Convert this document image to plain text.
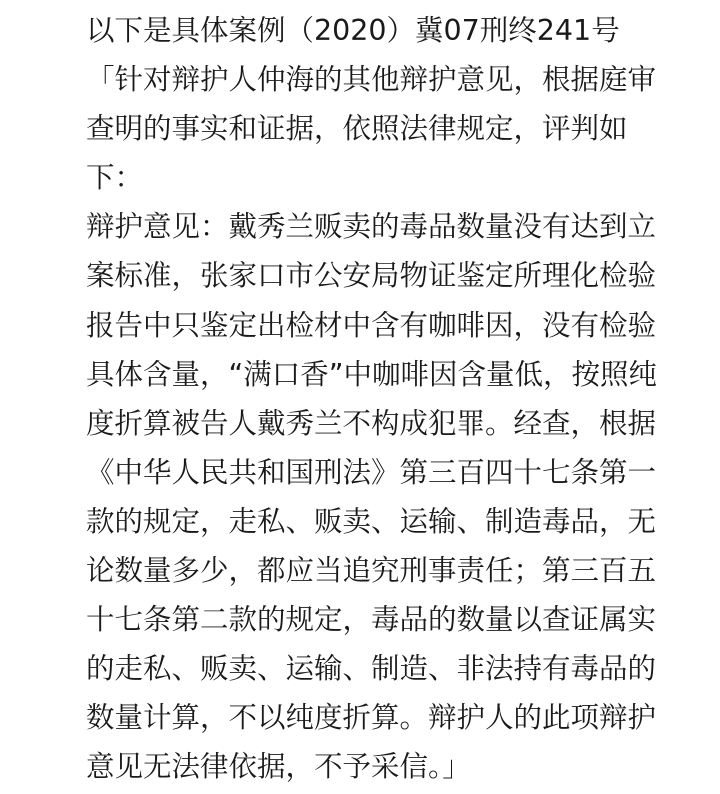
以下是具体案例（2020）冀07刑终241号
「针对辩护人仲海的其他辩护意见，根据庭审
查明的事实和证据，依照法律规定，评判如
下：
辩护意见：戴秀兰贩卖的毒品数量没有达到立
案标准，张家口市公安局物证鉴定所理化检验
报告中只鉴定出检材中含有咖啡因，没有检验
具体含量，“满口香”中咖啡因含量低，按照纯
度折算被告人戴秀兰不构成犯罪。经查，根据
《中华人民共和国刑法》第三百四十七条第一
款的规定，走私、贩卖、运输、制造毒品，无
论数量多少，都应当追究刑事责任；第三百五
十七条第二款的规定，毒品的数量以查证属实
的走私、贩卖、运输、制造、非法持有毒品的
数量计算，不以纯度折算。辩护人的此项辩护
意见无法律依据，不予采信。」
